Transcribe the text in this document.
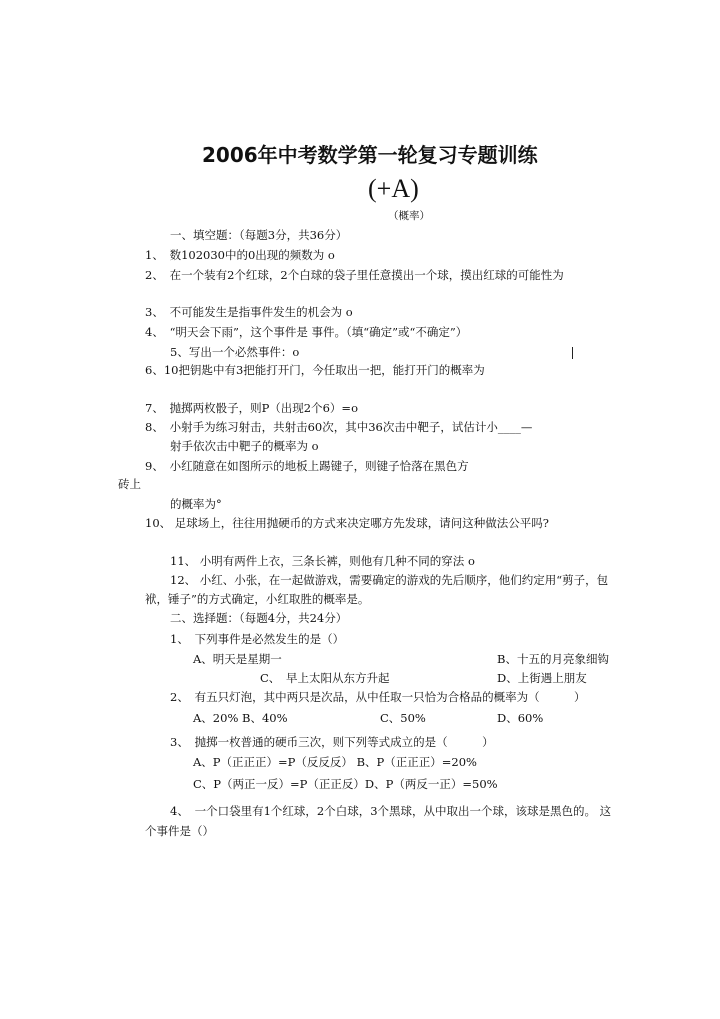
2006年中考数学第一轮复习专题训练
(+A)
（概率）
一、填空题：（每题3分，共36分）
1、　数102030中的0出现的频数为 o
2、　在一个装有2个红球，2个白球的袋子里任意摸出一个球，摸出红球的可能性为
3、　不可能发生是指事件发生的机会为 o
4、　“明天会下雨”，这个事件是 事件。（填“确定”或“不确定”）
5、写出一个必然事件：o
6、10把钥匙中有3把能打开门，今任取出一把，能打开门的概率为
7、　抛掷两枚骰子，则P（出现2个6）=o
8、　小射手为练习射击，共射击60次，其中36次击中靶子，试估计小____—
射手依次击中靶子的概率为 o
9、　小红随意在如图所示的地板上踢键子，则键子恰落在黑色方
砖上
的概率为°
10、 足球场上，往往用抛硬币的方式来决定哪方先发球，请问这种做法公平吗?
11、 小明有两件上衣，三条长裤，则他有几种不同的穿法 o
12、 小红、小张，在一起做游戏，需要确定的游戏的先后顺序，他们约定用“剪子，包
袱，锤子”的方式确定，小红取胜的概率是。
二、选择题：（每题4分，共24分）
1、　下列事件是必然发生的是（）
A、明天是星期一	B、十五的月亮象细钩
C、　早上太阳从东方升起	D、上街遇上朋友
2、　有五只灯泡，其中两只是次品，从中任取一只恰为合格品的概率为（　　　）
A、20% B、40%	C、50%	D、60%
3、　抛掷一枚普通的硬币三次，则下列等式成立的是（　　　）
A、P（正正正）=P（反反反） B、P（正正正）=20%
C、P（两正一反）=P（正正反）D、P（两反一正）=50%
4、　一个口袋里有1个红球，2个白球，3个黑球，从中取出一个球，该球是黑色的。 这
个事件是（）
